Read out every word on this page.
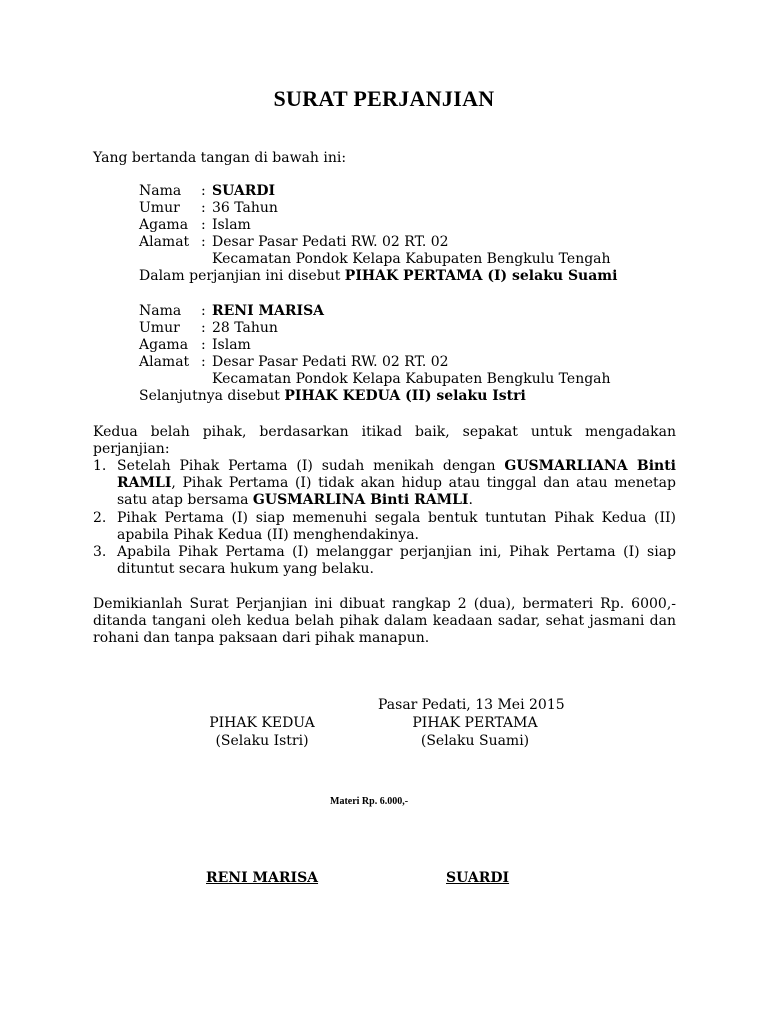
SURAT PERJANJIAN
Yang bertanda tangan di bawah ini:
Nama : SUARDI
Umur : 36 Tahun
Agama : Islam
Alamat : Desar Pasar Pedati RW. 02 RT. 02
Kecamatan Pondok Kelapa Kabupaten Bengkulu Tengah
Dalam perjanjian ini disebut PIHAK PERTAMA (I) selaku Suami
Nama : RENI MARISA
Umur : 28 Tahun
Agama : Islam
Alamat : Desar Pasar Pedati RW. 02 RT. 02
Kecamatan Pondok Kelapa Kabupaten Bengkulu Tengah
Selanjutnya disebut PIHAK KEDUA (II) selaku Istri
Kedua belah pihak, berdasarkan itikad baik, sepakat untuk mengadakan perjanjian:
1. Setelah Pihak Pertama (I) sudah menikah dengan GUSMARLIANA Binti RAMLI, Pihak Pertama (I) tidak akan hidup atau tinggal dan atau menetap satu atap bersama GUSMARLINA Binti RAMLI.
2. Pihak Pertama (I) siap memenuhi segala bentuk tuntutan Pihak Kedua (II) apabila Pihak Kedua (II) menghendakinya.
3. Apabila Pihak Pertama (I) melanggar perjanjian ini, Pihak Pertama (I) siap dituntut secara hukum yang belaku.
Demikianlah Surat Perjanjian ini dibuat rangkap 2 (dua), bermateri Rp. 6000,- ditanda tangani oleh kedua belah pihak dalam keadaan sadar, sehat jasmani dan rohani dan tanpa paksaan dari pihak manapun.
Pasar Pedati, 13 Mei 2015
PIHAK KEDUA
(Selaku Istri)
PIHAK PERTAMA
(Selaku Suami)
Materi Rp. 6.000,-
RENI MARISA	SUARDI
